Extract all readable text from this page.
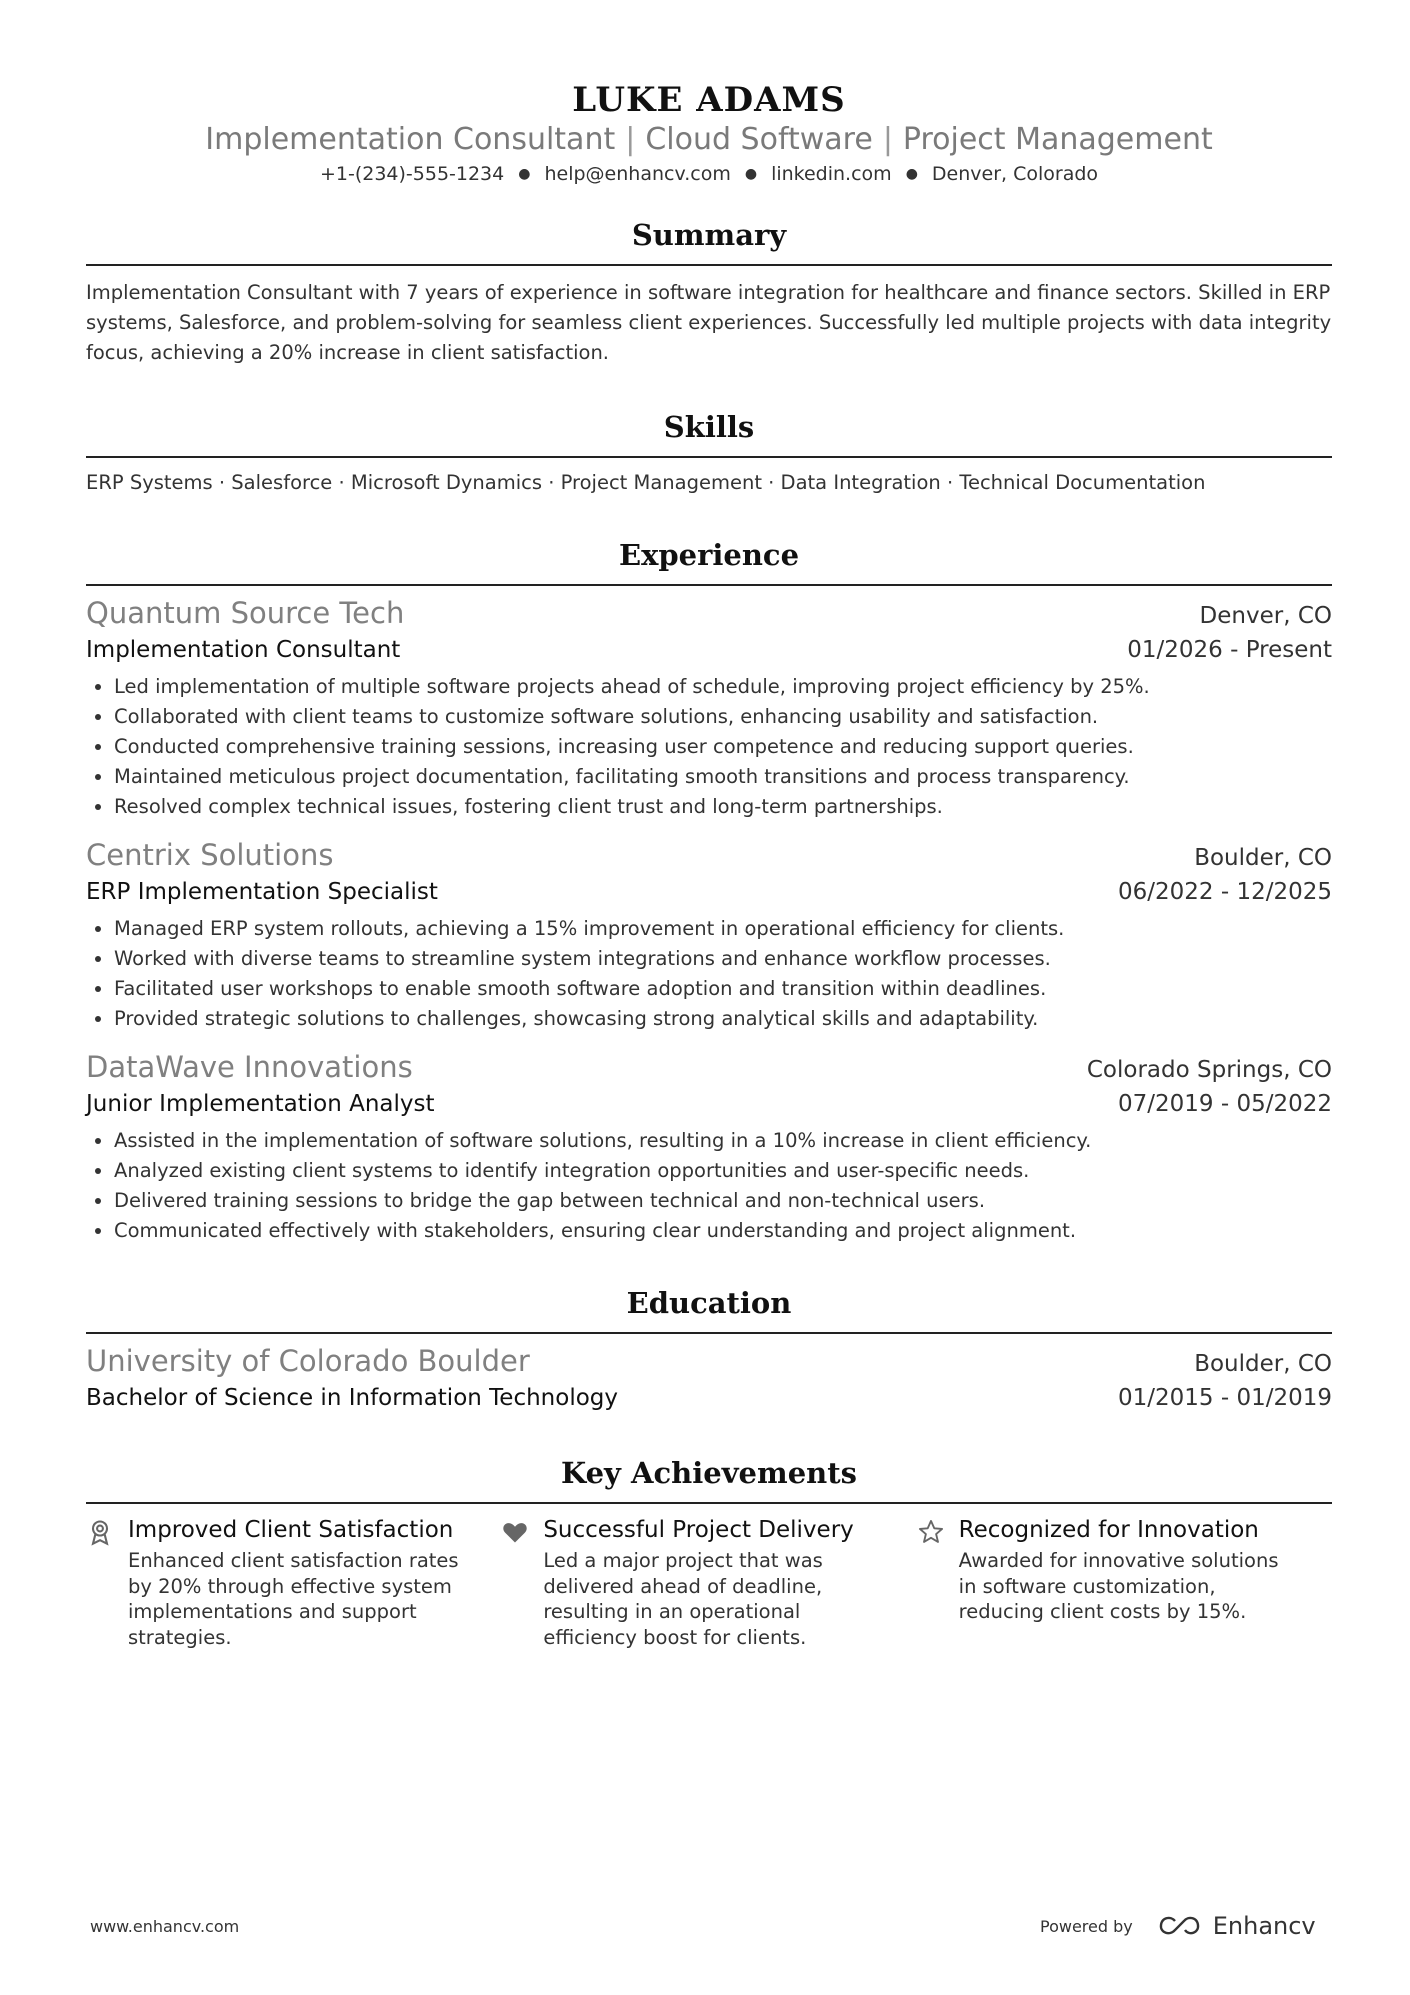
LUKE ADAMS
Implementation Consultant | Cloud Software | Project Management
+1-(234)-555-1234 ● help@enhancv.com ● linkedin.com ● Denver, Colorado
Summary
Implementation Consultant with 7 years of experience in software integration for healthcare and finance sectors. Skilled in ERP systems, Salesforce, and problem-solving for seamless client experiences. Successfully led multiple projects with data integrity focus, achieving a 20% increase in client satisfaction.
Skills
ERP Systems · Salesforce · Microsoft Dynamics · Project Management · Data Integration · Technical Documentation
Experience
Quantum Source Tech	Denver, CO
Implementation Consultant	01/2026 - Present
• Led implementation of multiple software projects ahead of schedule, improving project efficiency by 25%.
• Collaborated with client teams to customize software solutions, enhancing usability and satisfaction.
• Conducted comprehensive training sessions, increasing user competence and reducing support queries.
• Maintained meticulous project documentation, facilitating smooth transitions and process transparency.
• Resolved complex technical issues, fostering client trust and long-term partnerships.
Centrix Solutions	Boulder, CO
ERP Implementation Specialist	06/2022 - 12/2025
• Managed ERP system rollouts, achieving a 15% improvement in operational efficiency for clients.
• Worked with diverse teams to streamline system integrations and enhance workflow processes.
• Facilitated user workshops to enable smooth software adoption and transition within deadlines.
• Provided strategic solutions to challenges, showcasing strong analytical skills and adaptability.
DataWave Innovations	Colorado Springs, CO
Junior Implementation Analyst	07/2019 - 05/2022
• Assisted in the implementation of software solutions, resulting in a 10% increase in client efficiency.
• Analyzed existing client systems to identify integration opportunities and user-specific needs.
• Delivered training sessions to bridge the gap between technical and non-technical users.
• Communicated effectively with stakeholders, ensuring clear understanding and project alignment.
Education
University of Colorado Boulder	Boulder, CO
Bachelor of Science in Information Technology	01/2015 - 01/2019
Key Achievements
Improved Client Satisfaction
Enhanced client satisfaction rates by 20% through effective system implementations and support strategies.
Successful Project Delivery
Led a major project that was delivered ahead of deadline, resulting in an operational efficiency boost for clients.
Recognized for Innovation
Awarded for innovative solutions in software customization, reducing client costs by 15%.
www.enhancv.com	Powered by	Enhancv
